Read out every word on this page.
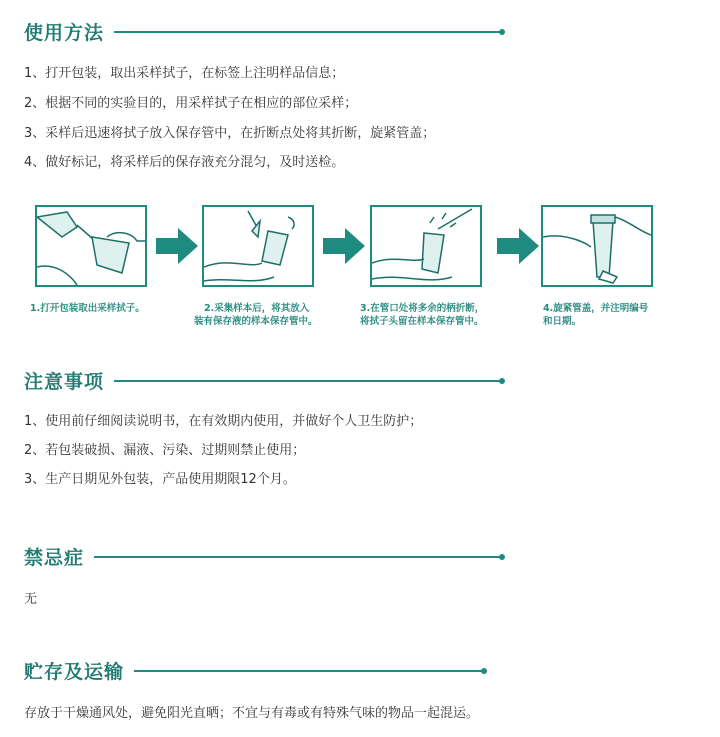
使用方法
1、打开包装，取出采样拭子，在标签上注明样品信息；
2、根据不同的实验目的，用采样拭子在相应的部位采样；
3、采样后迅速将拭子放入保存管中，在折断点处将其折断，旋紧管盖；
4、做好标记，将采样后的保存液充分混匀，及时送检。
1.打开包装取出采样拭子。	2.采集样本后，将其放入
装有保存液的样本保存管中。
3.在管口处将多余的柄折断，
将拭子头留在样本保存管中。
4.旋紧管盖，并注明编号
和日期。
注意事项
1、使用前仔细阅读说明书，在有效期内使用，并做好个人卫生防护；
2、若包装破损、漏液、污染、过期则禁止使用；
3、生产日期见外包装，产品使用期限12个月。
禁忌症
无
贮存及运输
存放于干燥通风处，避免阳光直晒；不宜与有毒或有特殊气味的物品一起混运。
